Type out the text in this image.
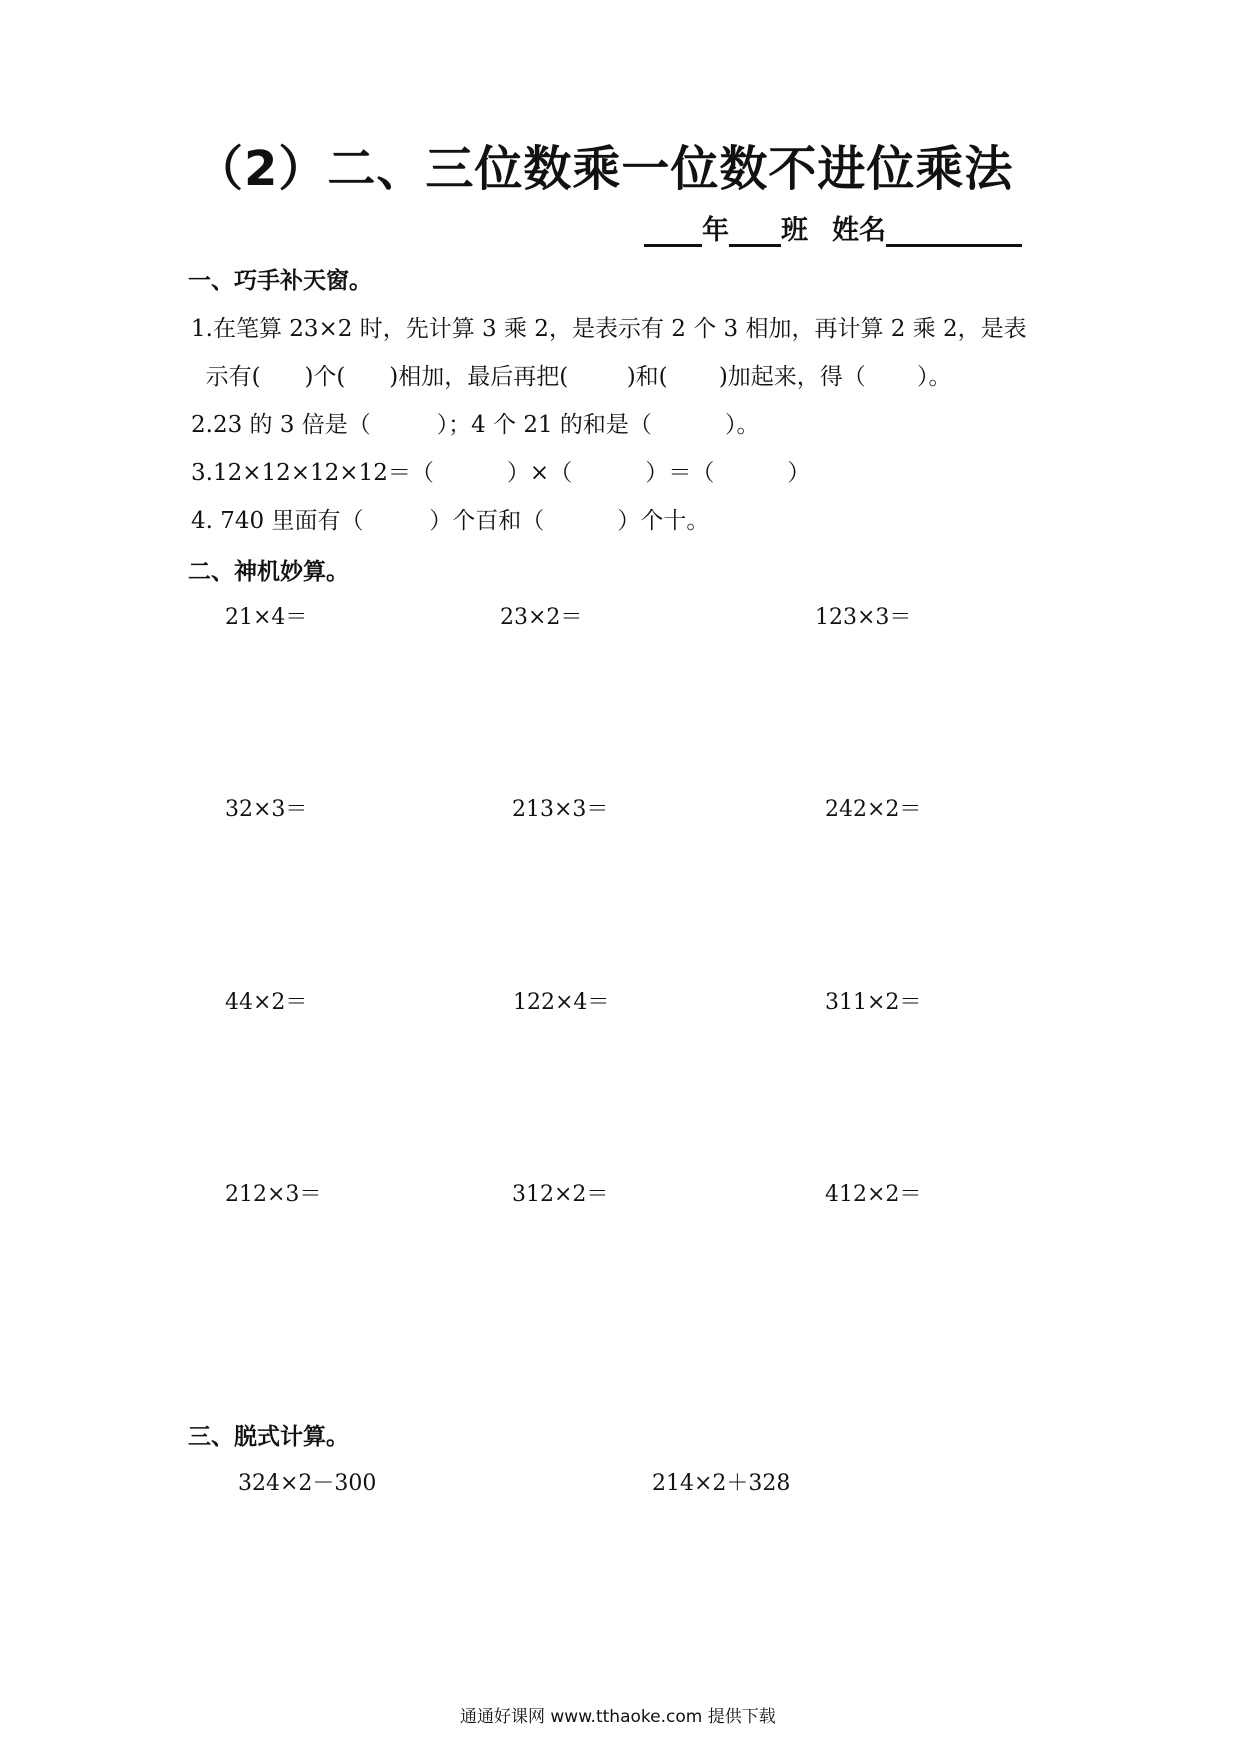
（2）二、三位数乘一位数不进位乘法
年 班 姓名
一、巧手补天窗。
1.在笔算 23×2 时，先计算 3 乘 2，是表示有 2 个 3 相加，再计算 2 乘 2，是表
示有(      )个(      )相加，最后再把(        )和(       )加起来，得（       ）。
2.23 的 3 倍是（         ）；4 个 21 的和是（          ）。
3.12×12×12×12＝（          ）×（          ）＝（          ）
4. 740 里面有（         ）个百和（          ）个十。
二、神机妙算。
21×4＝	23×2＝	123×3＝
32×3＝	213×3＝	242×2＝
44×2＝	122×4＝	311×2＝
212×3＝	312×2＝	412×2＝
三、脱式计算。
324×2－300	214×2＋328
通通好课网 www.tthaoke.com 提供下载
